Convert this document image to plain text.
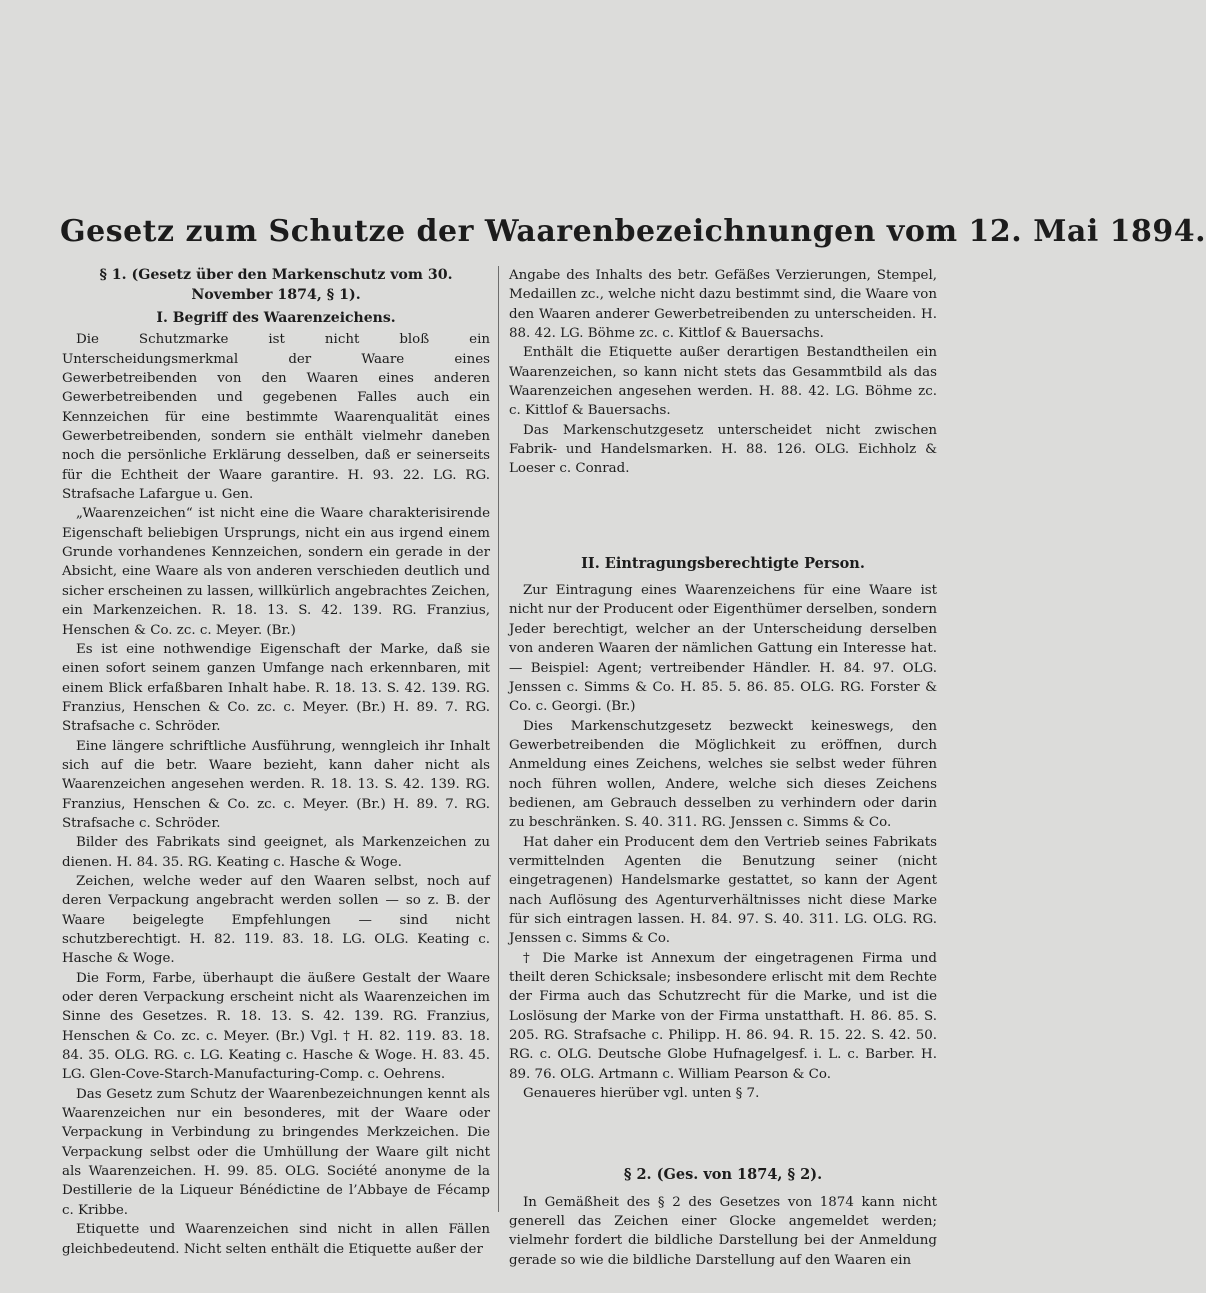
Gesetz zum Schutze der Waarenbezeichnungen vom 12. Mai 1894.
§ 1. (Gesetz über den Markenschutz vom 30. November 1874, § 1).
I. Begriff des Waarenzeichens.

Die Schutzmarke ist nicht bloß ein Unterscheidungsmerkmal der Waare eines Gewerbetreibenden von den Waaren eines anderen Gewerbetreibenden und gegebenen Falles auch ein Kennzeichen für eine bestimmte Waarenqualität eines Gewerbetreibenden, sondern sie enthält vielmehr daneben noch die persönliche Erklärung desselben, daß er seinerseits für die Echtheit der Waare garantire. H. 93. 22. LG. RG. Strafsache Lafargue u. Gen.

„Waarenzeichen“ ist nicht eine die Waare charakterisirende Eigenschaft beliebigen Ursprungs, nicht ein aus irgend einem Grunde vorhandenes Kennzeichen, sondern ein gerade in der Absicht, eine Waare als von anderen verschieden deutlich und sicher erscheinen zu lassen, willkürlich angebrachtes Zeichen, ein Markenzeichen. R. 18. 13. S. 42. 139. RG. Franzius, Henschen & Co. zc. c. Meyer. (Br.)

Es ist eine nothwendige Eigenschaft der Marke, daß sie einen sofort seinem ganzen Umfange nach erkennbaren, mit einem Blick erfaßbaren Inhalt habe. R. 18. 13. S. 42. 139. RG. Franzius, Henschen & Co. zc. c. Meyer. (Br.) H. 89. 7. RG. Strafsache c. Schröder.

Eine längere schriftliche Ausführung, wenngleich ihr Inhalt sich auf die betr. Waare bezieht, kann daher nicht als Waarenzeichen angesehen werden. R. 18. 13. S. 42. 139. RG. Franzius, Henschen & Co. zc. c. Meyer. (Br.) H. 89. 7. RG. Strafsache c. Schröder.

Bilder des Fabrikats sind geeignet, als Markenzeichen zu dienen. H. 84. 35. RG. Keating c. Hasche & Woge.

Zeichen, welche weder auf den Waaren selbst, noch auf deren Verpackung angebracht werden sollen — so z. B. der Waare beigelegte Empfehlungen — sind nicht schutzberechtigt. H. 82. 119. 83. 18. LG. OLG. Keating c. Hasche & Woge.

Die Form, Farbe, überhaupt die äußere Gestalt der Waare oder deren Verpackung erscheint nicht als Waarenzeichen im Sinne des Gesetzes. R. 18. 13. S. 42. 139. RG. Franzius, Henschen & Co. zc. c. Meyer. (Br.) Vgl. † H. 82. 119. 83. 18. 84. 35. OLG. RG. c. LG. Keating c. Hasche & Woge. H. 83. 45. LG. Glen-Cove-Starch-Manufacturing-Comp. c. Oehrens.

Das Gesetz zum Schutz der Waarenbezeichnungen kennt als Waarenzeichen nur ein besonderes, mit der Waare oder Verpackung in Verbindung zu bringendes Merkzeichen. Die Verpackung selbst oder die Umhüllung der Waare gilt nicht als Waarenzeichen. H. 99. 85. OLG. Société anonyme de la Destillerie de la Liqueur Bénédictine de l’Abbaye de Fécamp c. Kribbe.

Etiquette und Waarenzeichen sind nicht in allen Fällen gleichbedeutend. Nicht selten enthält die Etiquette außer der

Angabe des Inhalts des betr. Gefäßes Verzierungen, Stempel, Medaillen zc., welche nicht dazu bestimmt sind, die Waare von den Waaren anderer Gewerbetreibenden zu unterscheiden. H. 88. 42. LG. Böhme zc. c. Kittlof & Bauersachs.

Enthält die Etiquette außer derartigen Bestandtheilen ein Waarenzeichen, so kann nicht stets das Gesammtbild als das Waarenzeichen angesehen werden. H. 88. 42. LG. Böhme zc. c. Kittlof & Bauersachs.

Das Markenschutzgesetz unterscheidet nicht zwischen Fabrik- und Handelsmarken. H. 88. 126. OLG. Eichholz & Loeser c. Conrad.

II. Eintragungsberechtigte Person.

Zur Eintragung eines Waarenzeichens für eine Waare ist nicht nur der Producent oder Eigenthümer derselben, sondern Jeder berechtigt, welcher an der Unterscheidung derselben von anderen Waaren der nämlichen Gattung ein Interesse hat. — Beispiel: Agent; vertreibender Händler. H. 84. 97. OLG. Jenssen c. Simms & Co. H. 85. 5. 86. 85. OLG. RG. Forster & Co. c. Georgi. (Br.)

Dies Markenschutzgesetz bezweckt keineswegs, den Gewerbetreibenden die Möglichkeit zu eröffnen, durch Anmeldung eines Zeichens, welches sie selbst weder führen noch führen wollen, Andere, welche sich dieses Zeichens bedienen, am Gebrauch desselben zu verhindern oder darin zu beschränken. S. 40. 311. RG. Jenssen c. Simms & Co.

Hat daher ein Producent dem den Vertrieb seines Fabrikats vermittelnden Agenten die Benutzung seiner (nicht eingetragenen) Handelsmarke gestattet, so kann der Agent nach Auflösung des Agenturverhältnisses nicht diese Marke für sich eintragen lassen. H. 84. 97. S. 40. 311. LG. OLG. RG. Jenssen c. Simms & Co.

† Die Marke ist Annexum der eingetragenen Firma und theilt deren Schicksale; insbesondere erlischt mit dem Rechte der Firma auch das Schutzrecht für die Marke, und ist die Loslösung der Marke von der Firma unstatthaft. H. 86. 85. S. 205. RG. Strafsache c. Philipp. H. 86. 94. R. 15. 22. S. 42. 50. RG. c. OLG. Deutsche Globe Hufnagelgesf. i. L. c. Barber. H. 89. 76. OLG. Artmann c. William Pearson & Co.

Genaueres hierüber vgl. unten § 7.

§ 2. (Ges. von 1874, § 2).

In Gemäßheit des § 2 des Gesetzes von 1874 kann nicht generell das Zeichen einer Glocke angemeldet werden; vielmehr fordert die bildliche Darstellung bei der Anmeldung gerade so wie die bildliche Darstellung auf den Waaren ein
